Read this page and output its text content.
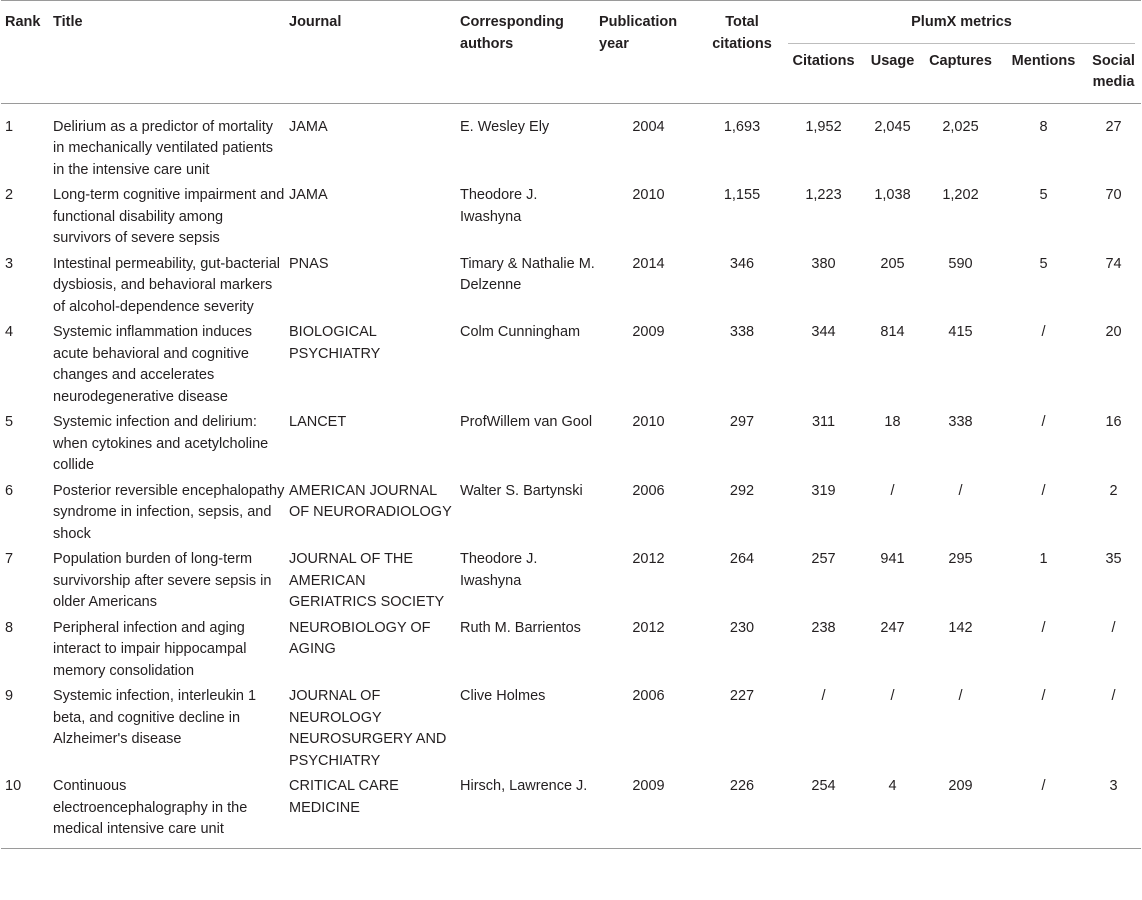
Rank	Title	Journal	Corresponding authors	Publication year	Total citations	PlumX metrics				
						Citations	Usage	Captures	Mentions	Social media
1	Delirium as a predictor of mortality in mechanically ventilated patients in the intensive care unit	JAMA	E. Wesley Ely	2004	1,693	1,952	2,045	2,025	8	27
2	Long-term cognitive impairment and functional disability among survivors of severe sepsis	JAMA	Theodore J. Iwashyna	2010	1,155	1,223	1,038	1,202	5	70
3	Intestinal permeability, gut-bacterial dysbiosis, and behavioral markers of alcohol-dependence severity	PNAS	Timary & Nathalie M. Delzenne	2014	346	380	205	590	5	74
4	Systemic inflammation induces acute behavioral and cognitive changes and accelerates neurodegenerative disease	BIOLOGICAL PSYCHIATRY	Colm Cunningham	2009	338	344	814	415	/	20
5	Systemic infection and delirium: when cytokines and acetylcholine collide	LANCET	ProfWillem van Gool	2010	297	311	18	338	/	16
6	Posterior reversible encephalopathy syndrome in infection, sepsis, and shock	AMERICAN JOURNAL OF NEURORADIOLOGY	Walter S. Bartynski	2006	292	319	/	/	/	2
7	Population burden of long-term survivorship after severe sepsis in older Americans	JOURNAL OF THE AMERICAN GERIATRICS SOCIETY	Theodore J. Iwashyna	2012	264	257	941	295	1	35
8	Peripheral infection and aging interact to impair hippocampal memory consolidation	NEUROBIOLOGY OF AGING	Ruth M. Barrientos	2012	230	238	247	142	/	/
9	Systemic infection, interleukin 1 beta, and cognitive decline in Alzheimer's disease	JOURNAL OF NEUROLOGY NEUROSURGERY AND PSYCHIATRY	Clive Holmes	2006	227	/	/	/	/	/
10	Continuous electroencephalography in the medical intensive care unit	CRITICAL CARE MEDICINE	Hirsch, Lawrence J.	2009	226	254	4	209	/	3
